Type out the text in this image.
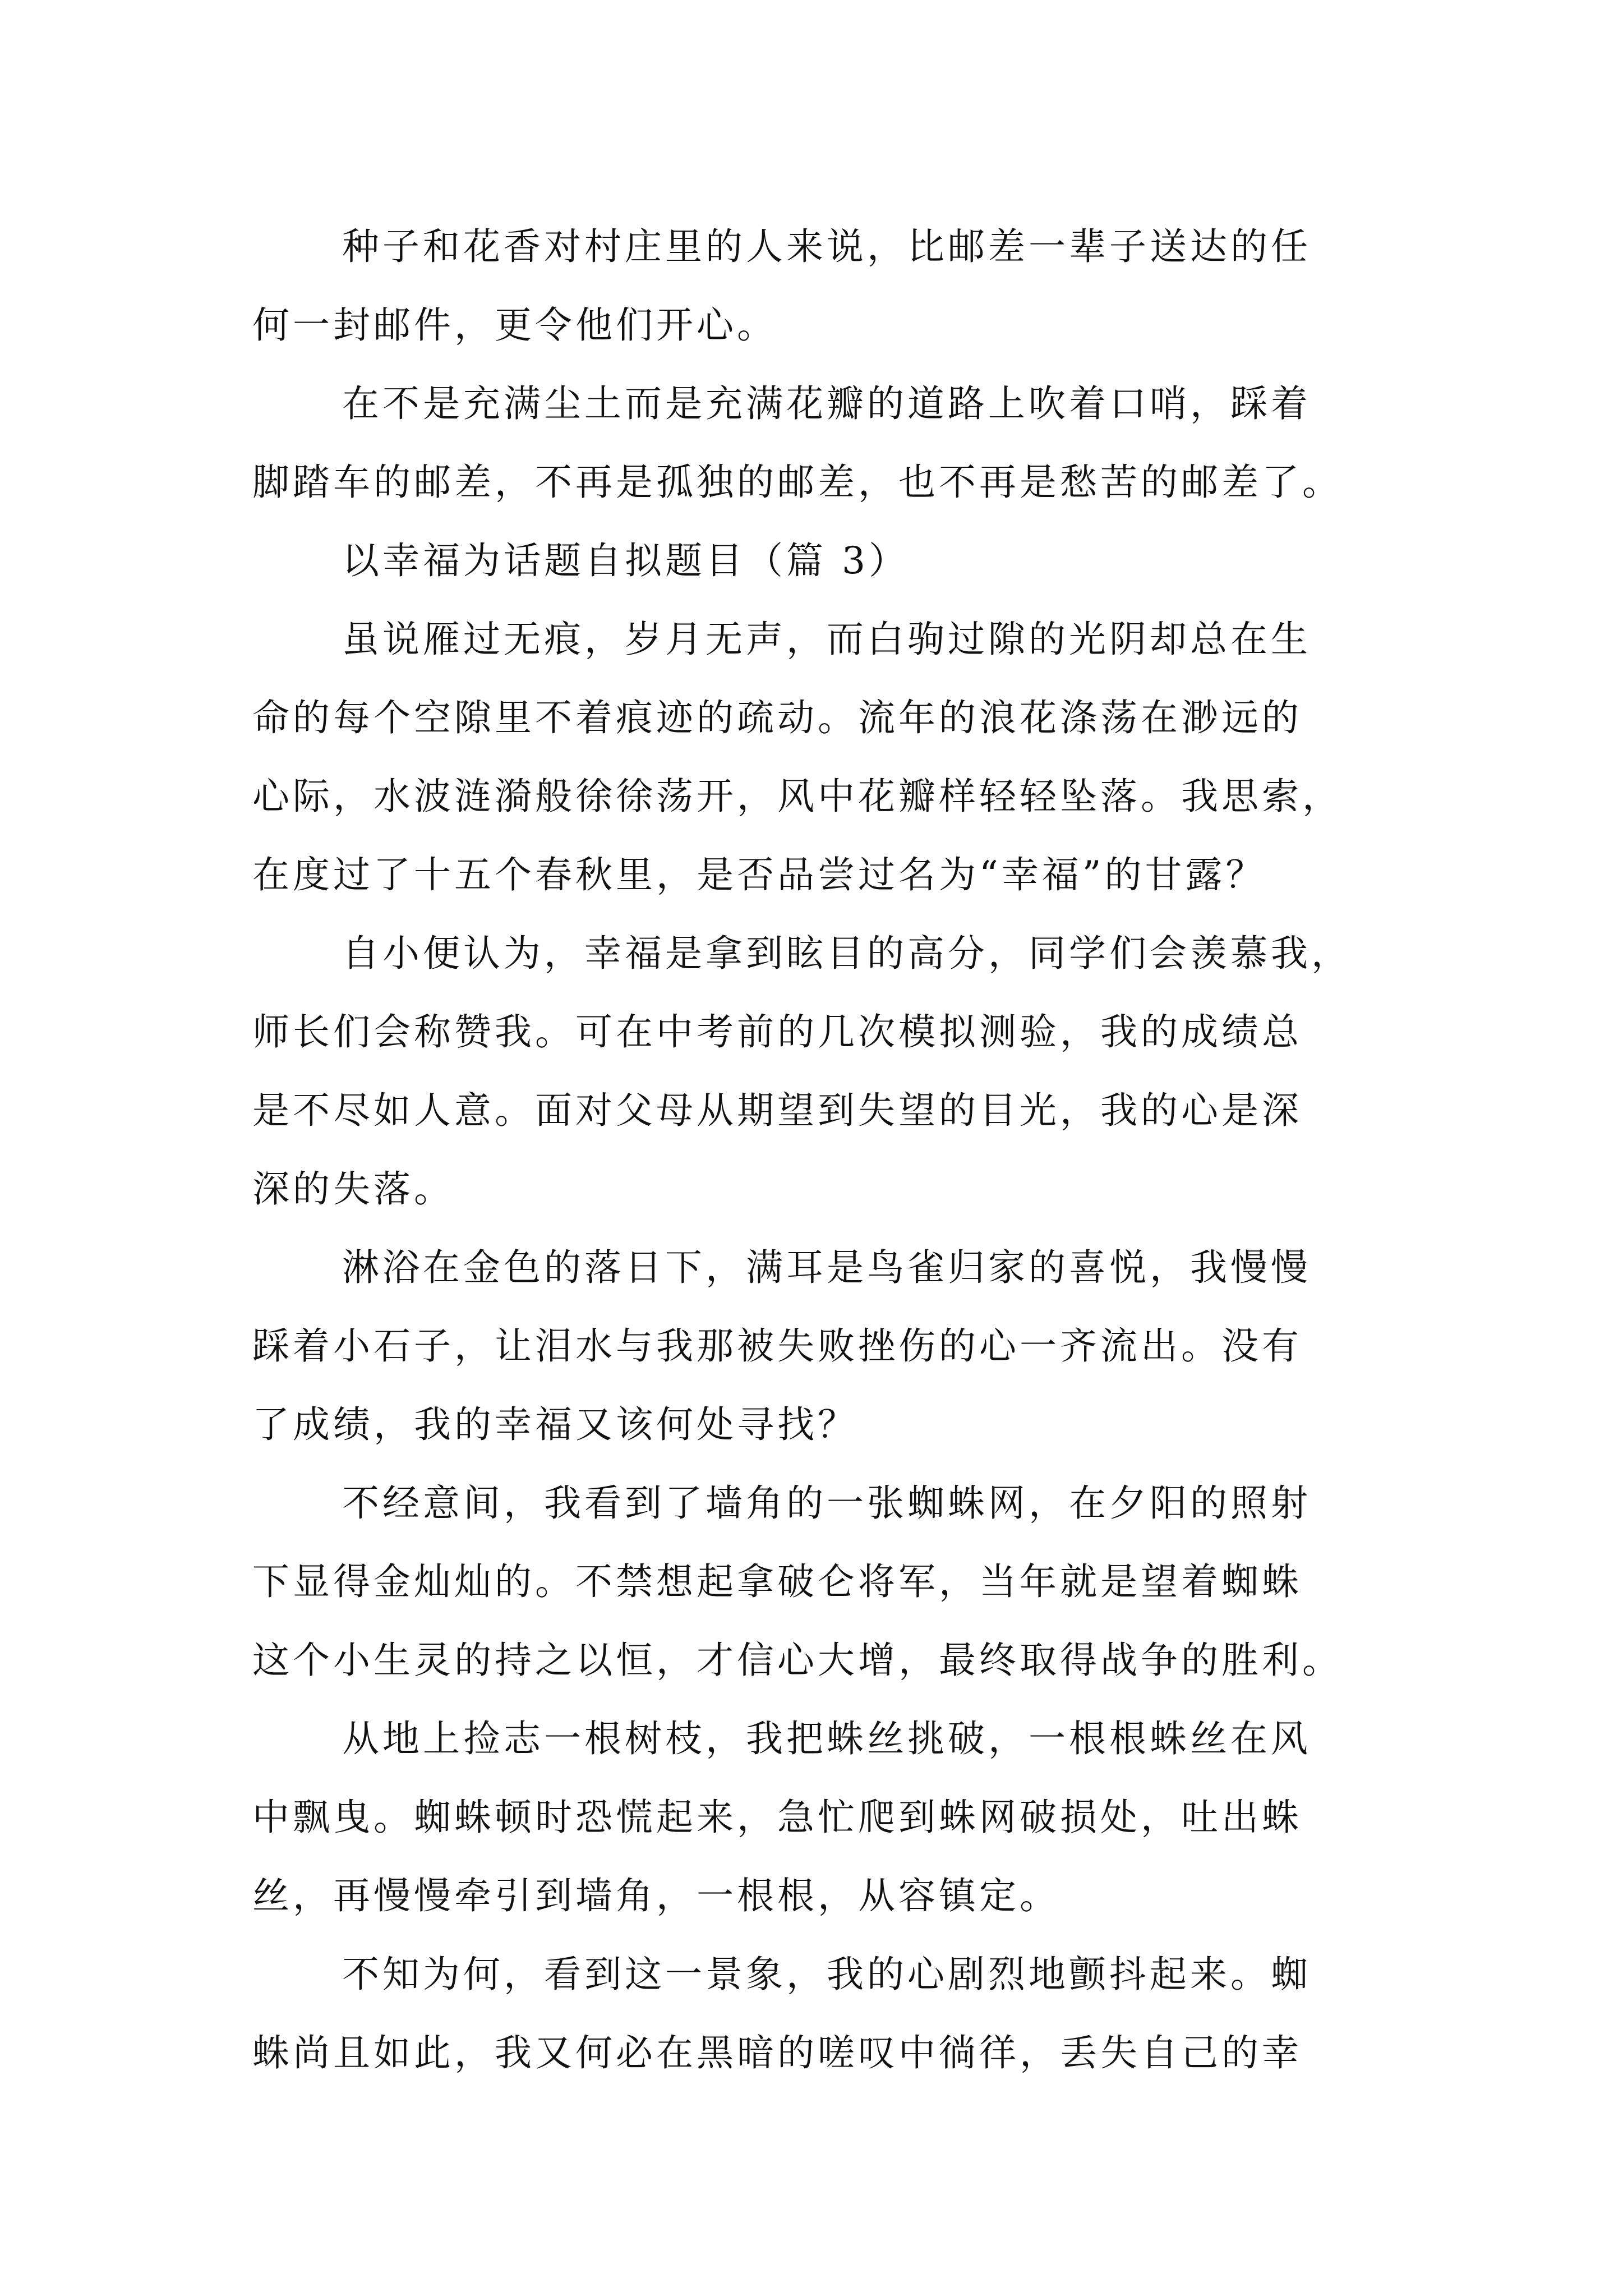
种子和花香对村庄里的人来说，比邮差一辈子送达的任
何一封邮件，更令他们开心。
在不是充满尘土而是充满花瓣的道路上吹着口哨，踩着
脚踏车的邮差，不再是孤独的邮差，也不再是愁苦的邮差了。
以幸福为话题自拟题目（篇 3）
虽说雁过无痕，岁月无声，而白驹过隙的光阴却总在生
命的每个空隙里不着痕迹的疏动。流年的浪花涤荡在渺远的
心际，水波涟漪般徐徐荡开，风中花瓣样轻轻坠落。我思索，
在度过了十五个春秋里，是否品尝过名为“幸福”的甘露？
自小便认为，幸福是拿到眩目的高分，同学们会羡慕我，
师长们会称赞我。可在中考前的几次模拟测验，我的成绩总
是不尽如人意。面对父母从期望到失望的目光，我的心是深
深的失落。
淋浴在金色的落日下，满耳是鸟雀归家的喜悦，我慢慢
踩着小石子，让泪水与我那被失败挫伤的心一齐流出。没有
了成绩，我的幸福又该何处寻找？
不经意间，我看到了墙角的一张蜘蛛网，在夕阳的照射
下显得金灿灿的。不禁想起拿破仑将军，当年就是望着蜘蛛
这个小生灵的持之以恒，才信心大增，最终取得战争的胜利。
从地上捡志一根树枝，我把蛛丝挑破，一根根蛛丝在风
中飘曳。蜘蛛顿时恐慌起来，急忙爬到蛛网破损处，吐出蛛
丝，再慢慢牵引到墙角，一根根，从容镇定。
不知为何，看到这一景象，我的心剧烈地颤抖起来。蜘
蛛尚且如此，我又何必在黑暗的嗟叹中徜徉，丢失自己的幸
